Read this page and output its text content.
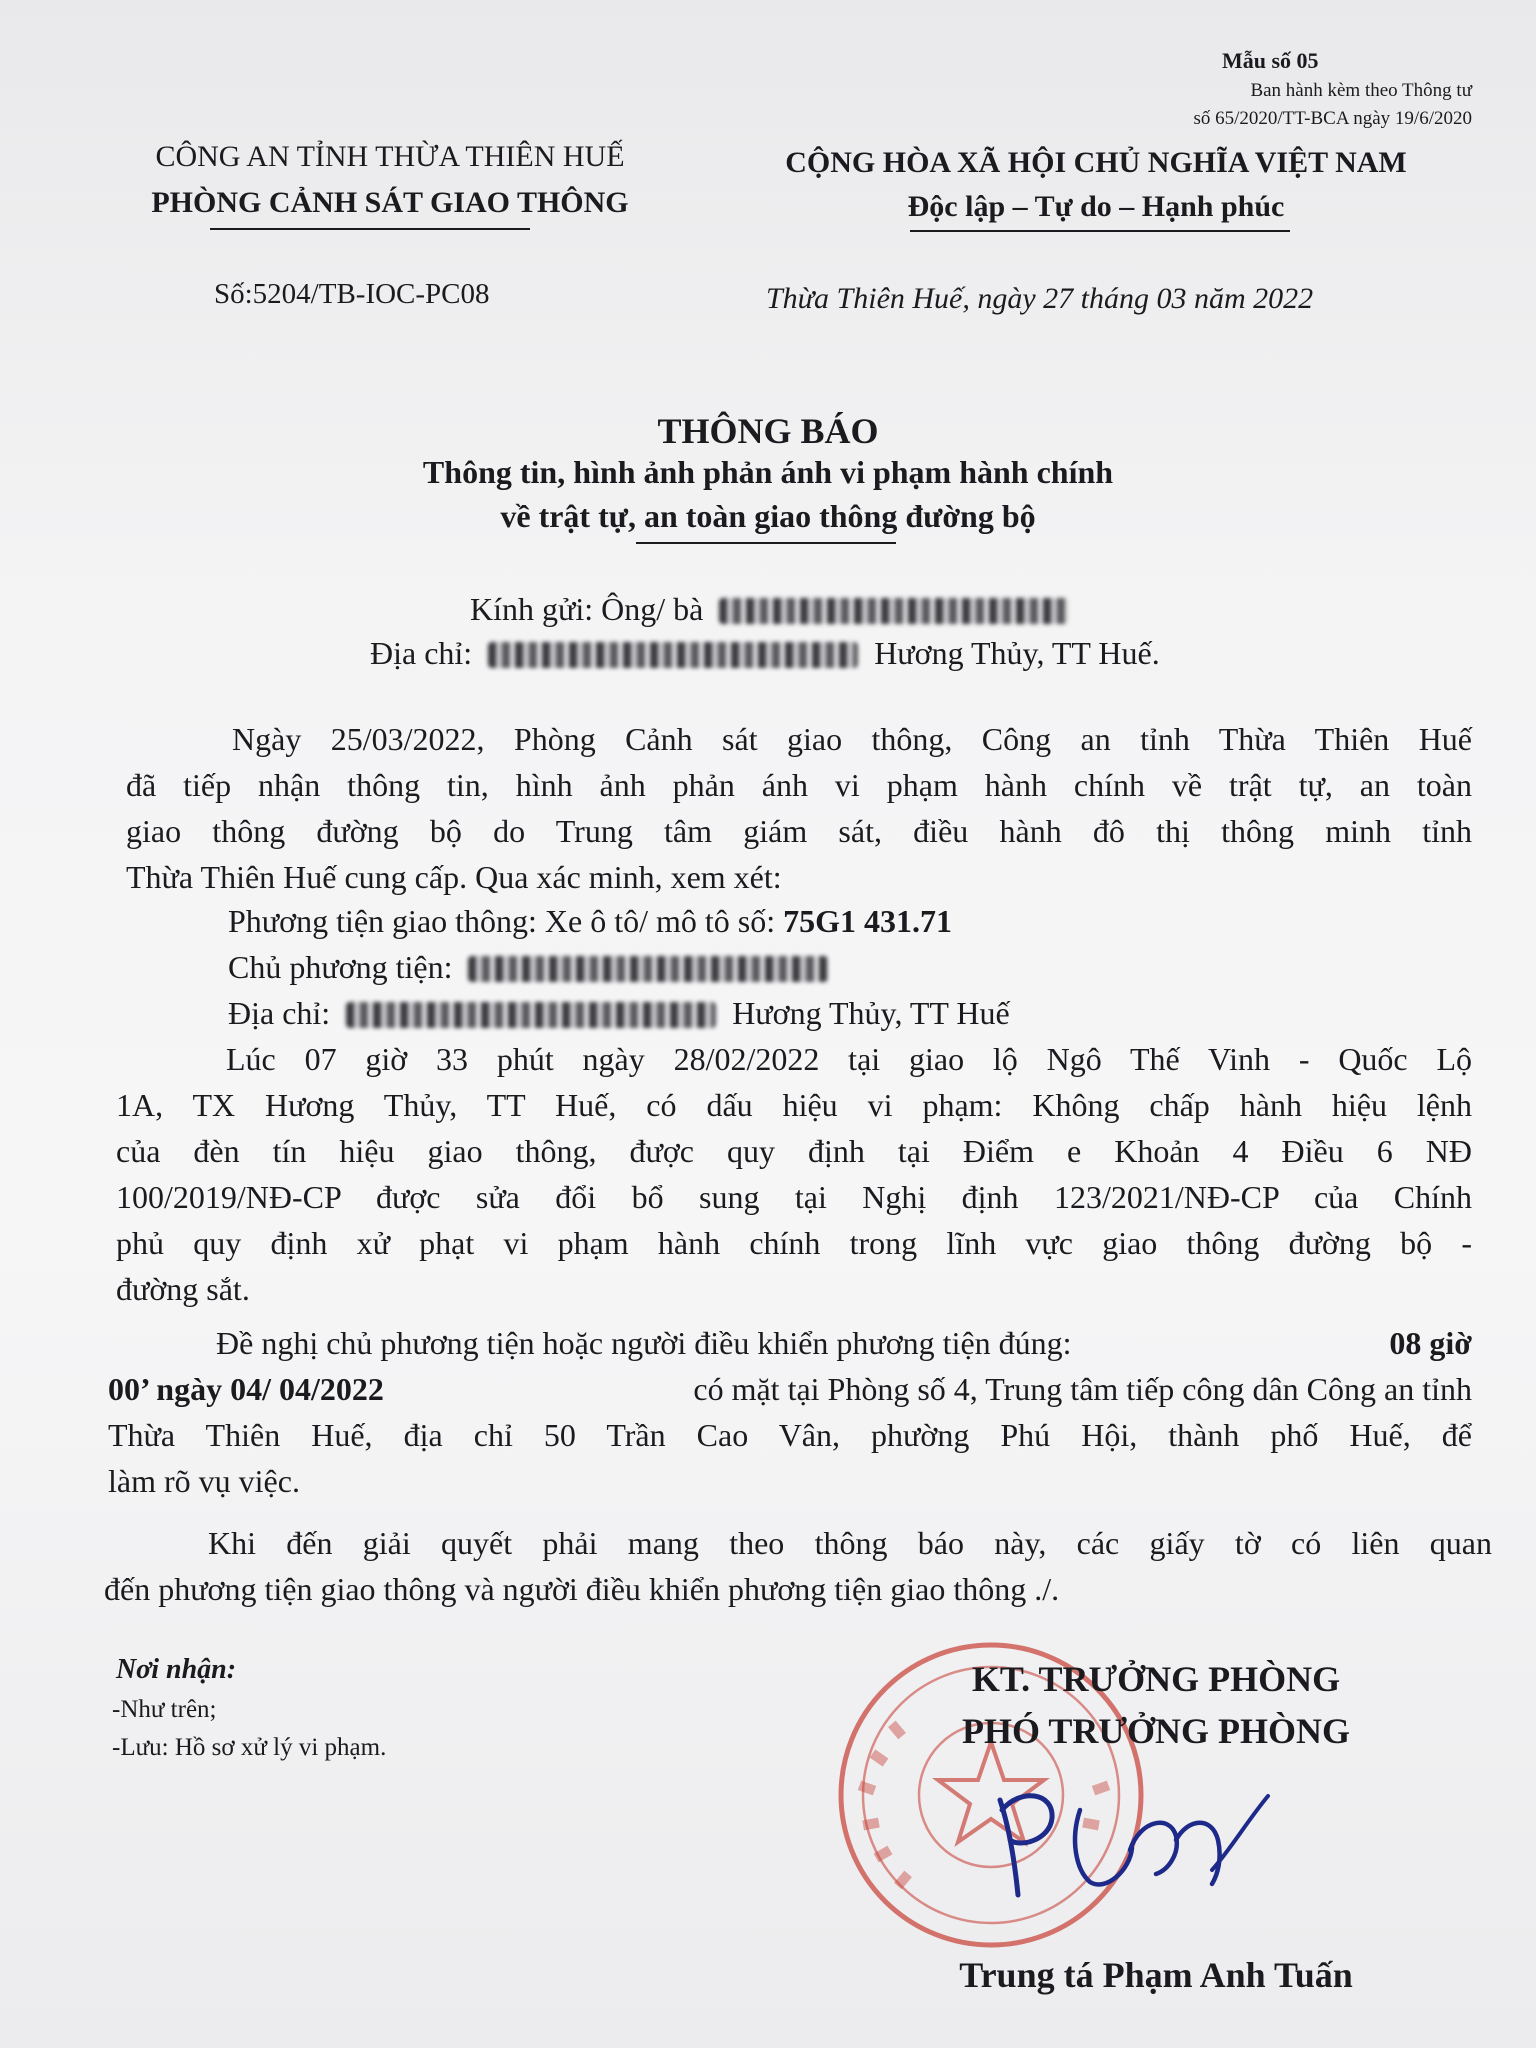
Mẫu số 05
Ban hành kèm theo Thông tư
số 65/2020/TT-BCA ngày 19/6/2020
CÔNG AN TỈNH THỪA THIÊN HUẾ
PHÒNG CẢNH SÁT GIAO THÔNG
CỘNG HÒA XÃ HỘI CHỦ NGHĨA VIỆT NAM
Độc lập – Tự do – Hạnh phúc
Số:5204/TB-IOC-PC08	Thừa Thiên Huế, ngày 27 tháng 03 năm 2022
THÔNG BÁO
Thông tin, hình ảnh phản ánh vi phạm hành chính
về trật tự, an toàn giao thông đường bộ
Kính gửi: Ông/ bà
Địa chỉ:	Hương Thủy, TT Huế.
Ngày 25/03/2022, Phòng Cảnh sát giao thông, Công an tỉnh Thừa Thiên Huế
đã tiếp nhận thông tin, hình ảnh phản ánh vi phạm hành chính về trật tự, an toàn
giao thông đường bộ do Trung tâm giám sát, điều hành đô thị thông minh tỉnh
Thừa Thiên Huế cung cấp. Qua xác minh, xem xét:
Phương tiện giao thông: Xe ô tô/ mô tô số: 75G1 431.71
Chủ phương tiện:
Địa chỉ:	Hương Thủy, TT Huế
Lúc 07 giờ 33 phút ngày 28/02/2022 tại giao lộ Ngô Thế Vinh - Quốc Lộ
1A, TX Hương Thủy, TT Huế, có dấu hiệu vi phạm: Không chấp hành hiệu lệnh
của đèn tín hiệu giao thông, được quy định tại Điểm e Khoản 4 Điều 6 NĐ
100/2019/NĐ-CP được sửa đổi bổ sung tại Nghị định 123/2021/NĐ-CP của Chính
phủ quy định xử phạt vi phạm hành chính trong lĩnh vực giao thông đường bộ -
đường sắt.
Đề nghị chủ phương tiện hoặc người điều khiển phương tiện đúng:	08 giờ
00’ ngày 04/ 04/2022	có mặt tại Phòng số 4, Trung tâm tiếp công dân Công an tỉnh
Thừa Thiên Huế, địa chỉ 50 Trần Cao Vân, phường Phú Hội, thành phố Huế, để
làm rõ vụ việc.
Khi đến giải quyết phải mang theo thông báo này, các giấy tờ có liên quan
đến phương tiện giao thông và người điều khiển phương tiện giao thông ./.
Nơi nhận:
-Như trên;
-Lưu: Hồ sơ xử lý vi phạm.
KT. TRƯỞNG PHÒNG
PHÓ TRƯỞNG PHÒNG
Trung tá Phạm Anh Tuấn
